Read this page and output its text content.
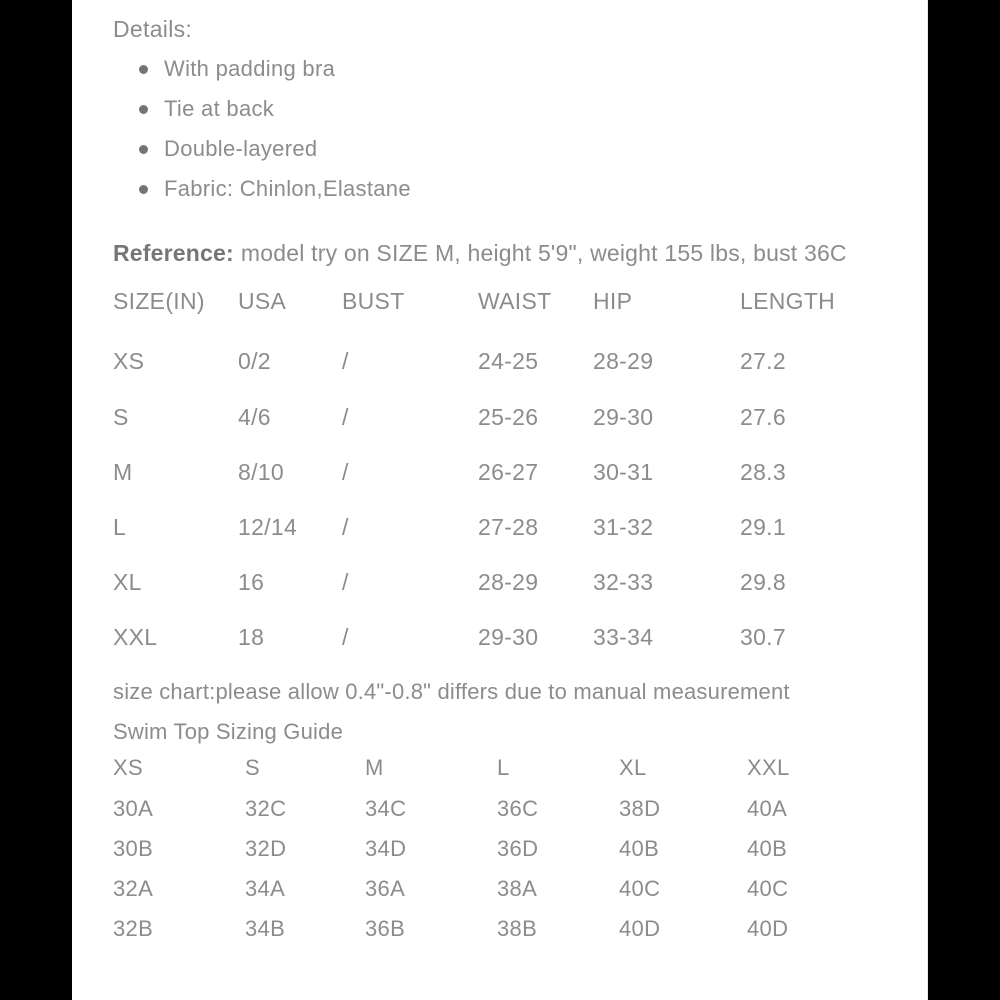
Details:
With padding bra
Tie at back
Double-layered
Fabric: Chinlon,Elastane

Reference: model try on SIZE M, height 5'9", weight 155 lbs, bust 36C

SIZE(IN)	USA	BUST	WAIST	HIP	LENGTH
XS	0/2	/	24-25	28-29	27.2
S	4/6	/	25-26	29-30	27.6
M	8/10	/	26-27	30-31	28.3
L	12/14	/	27-28	31-32	29.1
XL	16	/	28-29	32-33	29.8
XXL	18	/	29-30	33-34	30.7

size chart:please allow 0.4"-0.8" differs due to manual measurement

Swim Top Sizing Guide

XS	S	M	L	XL	XXL
30A	32C	34C	36C	38D	40A
30B	32D	34D	36D	40B	40B
32A	34A	36A	38A	40C	40C
32B	34B	36B	38B	40D	40D
